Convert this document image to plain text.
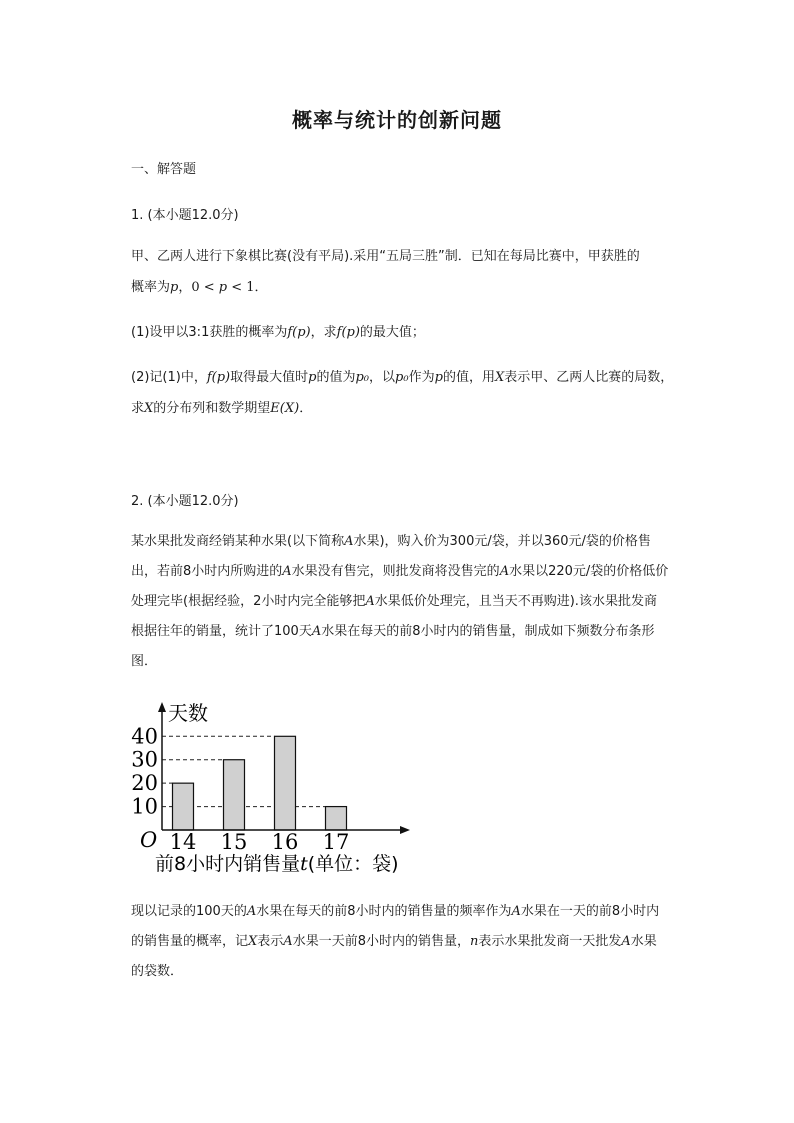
概率与统计的创新问题
一、解答题
1. (本小题12.0分)
甲、乙两人进行下象棋比赛(没有平局).采用“五局三胜”制．已知在每局比赛中，甲获胜的
概率为p，0 < p < 1．
(1)设甲以3:1获胜的概率为f(p)，求f(p)的最大值；
(2)记(1)中，f(p)取得最大值时p的值为p₀，以p₀作为p的值，用X表示甲、乙两人比赛的局数，
求X的分布列和数学期望E(X)．
2. (本小题12.0分)
某水果批发商经销某种水果(以下简称A水果)，购入价为300元/袋，并以360元/袋的价格售
出，若前8小时内所购进的A水果没有售完，则批发商将没售完的A水果以220元/袋的价格低价
处理完毕(根据经验，2小时内完全能够把A水果低价处理完，且当天不再购进).该水果批发商
根据往年的销量，统计了100天A水果在每天的前8小时内的销售量，制成如下频数分布条形
图．
天数
O
10
20
30
40
14 15 16 17
前8小时内销售量t(单位：袋)
现以记录的100天的A水果在每天的前8小时内的销售量的频率作为A水果在一天的前8小时内
的销售量的概率，记X表示A水果一天前8小时内的销售量，n表示水果批发商一天批发A水果
的袋数．
